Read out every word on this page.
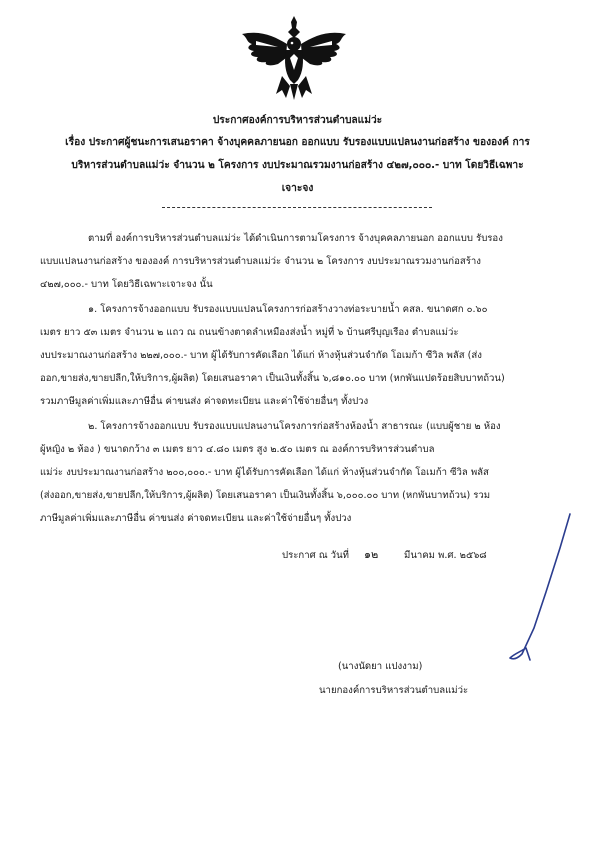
ประกาศองค์การบริหารส่วนตำบลแม่ว่ะ
เรื่อง ประกาศผู้ชนะการเสนอราคา จ้างบุคคลภายนอก ออกแบบ รับรองแบบแปลนงานก่อสร้าง ขององค์ การ
บริหารส่วนตำบลแม่ว่ะ จำนวน ๒ โครงการ งบประมาณรวมงานก่อสร้าง ๔๒๗,๐๐๐.- บาท โดยวิธีเฉพาะ
เจาะจง
ตามที่ องค์การบริหารส่วนตำบลแม่ว่ะ ได้ดำเนินการตามโครงการ จ้างบุคคลภายนอก ออกแบบ รับรอง
แบบแปลนงานก่อสร้าง ขององค์ การบริหารส่วนตำบลแม่ว่ะ จำนวน ๒ โครงการ งบประมาณรวมงานก่อสร้าง
๔๒๗,๐๐๐.- บาท โดยวิธีเฉพาะเจาะจง นั้น
๑. โครงการจ้างออกแบบ รับรองแบบแปลนโครงการก่อสร้างวางท่อระบายน้ำ คสล. ขนาดศก ๐.๖๐
เมตร ยาว ๕๓ เมตร จำนวน ๒ แถว ณ ถนนข้างตาดลำเหมืองส่งน้ำ หมู่ที่ ๖ บ้านศรีบุญเรือง ตำบลแม่ว่ะ
งบประมาณงานก่อสร้าง ๒๒๗,๐๐๐.- บาท ผู้ได้รับการคัดเลือก ได้แก่ ห้างหุ้นส่วนจำกัด โอเมก้า ซีวิล พลัส (ส่ง
ออก,ขายส่ง,ขายปลีก,ให้บริการ,ผู้ผลิต) โดยเสนอราคา เป็นเงินทั้งสิ้น ๖,๘๑๐.๐๐ บาท (หกพันแปดร้อยสิบบาทถ้วน)
รวมภาษีมูลค่าเพิ่มและภาษีอื่น ค่าขนส่ง ค่าจดทะเบียน และค่าใช้จ่ายอื่นๆ ทั้งปวง
๒. โครงการจ้างออกแบบ รับรองแบบแปลนงานโครงการก่อสร้างห้องน้ำ สาธารณะ (แบบผู้ชาย ๒ ห้อง
ผู้หญิง ๒ ห้อง ) ขนาดกว้าง ๓ เมตร ยาว ๔.๘๐ เมตร สูง ๒.๕๐ เมตร ณ องค์การบริหารส่วนตำบล
แม่ว่ะ งบประมาณงานก่อสร้าง ๒๐๐,๐๐๐.- บาท ผู้ได้รับการคัดเลือก ได้แก่ ห้างหุ้นส่วนจำกัด โอเมก้า ซีวิล พลัส
(ส่งออก,ขายส่ง,ขายปลีก,ให้บริการ,ผู้ผลิต) โดยเสนอราคา เป็นเงินทั้งสิ้น ๖,๐๐๐.๐๐ บาท (หกพันบาทถ้วน) รวม
ภาษีมูลค่าเพิ่มและภาษีอื่น ค่าขนส่ง ค่าจดทะเบียน และค่าใช้จ่ายอื่นๆ ทั้งปวง
ประกาศ ณ วันที่ ๑๒	มีนาคม พ.ศ. ๒๕๖๘
(นางนัดยา แปงงาม)
นายกองค์การบริหารส่วนตำบลแม่ว่ะ
